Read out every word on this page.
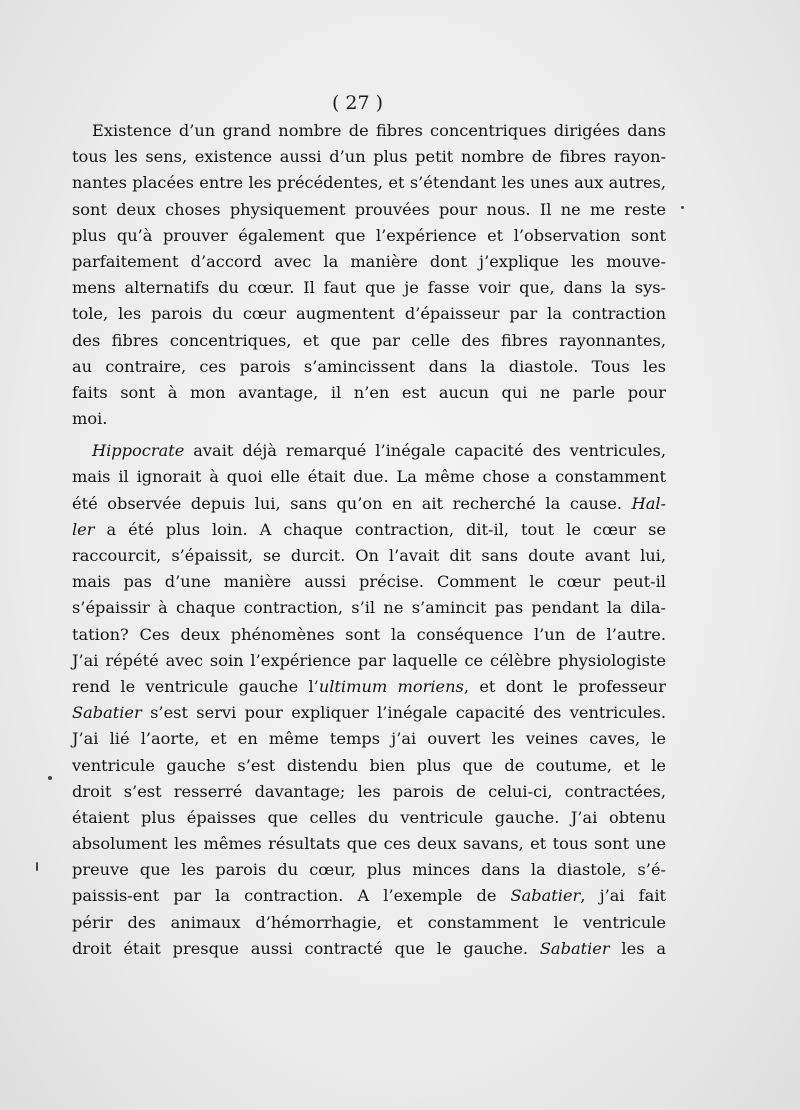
( 27 )
Existence d’un grand nombre de fibres concentriques dirigées dans
tous les sens, existence aussi d’un plus petit nombre de fibres rayon-
nantes placées entre les précédentes, et s’étendant les unes aux autres,
sont deux choses physiquement prouvées pour nous. Il ne me reste
plus qu’à prouver également que l’expérience et l’observation sont
parfaitement d’accord avec la manière dont j’explique les mouve-
mens alternatifs du cœur. Il faut que je fasse voir que, dans la sys-
tole, les parois du cœur augmentent d’épaisseur par la contraction
des fibres concentriques, et que par celle des fibres rayonnantes,
au contraire, ces parois s’amincissent dans la diastole. Tous les
faits sont à mon avantage, il n’en est aucun qui ne parle pour
moi.
Hippocrate avait déjà remarqué l’inégale capacité des ventricules,
mais il ignorait à quoi elle était due. La même chose a constamment
été observée depuis lui, sans qu’on en ait recherché la cause. Hal-
ler a été plus loin. A chaque contraction, dit-il, tout le cœur se
raccourcit, s’épaissit, se durcit. On l’avait dit sans doute avant lui,
mais pas d’une manière aussi précise. Comment le cœur peut-il
s’épaissir à chaque contraction, s’il ne s’amincit pas pendant la dila-
tation? Ces deux phénomènes sont la conséquence l’un de l’autre.
J’ai répété avec soin l’expérience par laquelle ce célèbre physiologiste
rend le ventricule gauche l’ultimum moriens, et dont le professeur
Sabatier s’est servi pour expliquer l’inégale capacité des ventricules.
J’ai lié l’aorte, et en même temps j’ai ouvert les veines caves, le
ventricule gauche s’est distendu bien plus que de coutume, et le
droit s’est resserré davantage; les parois de celui-ci, contractées,
étaient plus épaisses que celles du ventricule gauche. J’ai obtenu
absolument les mêmes résultats que ces deux savans, et tous sont une
preuve que les parois du cœur, plus minces dans la diastole, s’é-
paissis-ent par la contraction. A l’exemple de Sabatier, j’ai fait
périr des animaux d’hémorrhagie, et constamment le ventricule
droit était presque aussi contracté que le gauche. Sabatier les a
